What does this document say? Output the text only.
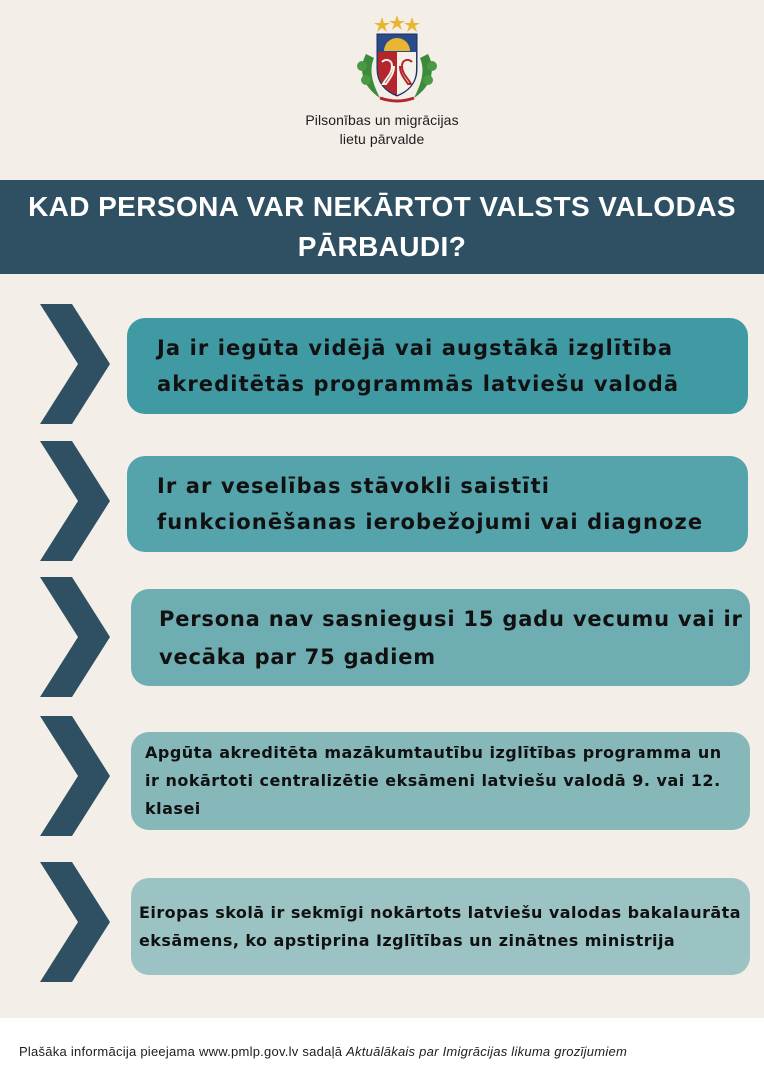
Pilsonības un migrācijas
lietu pārvalde
KAD PERSONA VAR NEKĀRTOT VALSTS VALODAS
PĀRBAUDI?
Ja ir iegūta vidējā vai augstākā izglītība
akreditētās programmās latviešu valodā
Ir ar veselības stāvokli saistīti
funkcionēšanas ierobežojumi vai diagnoze
Persona nav sasniegusi 15 gadu vecumu vai ir
vecāka par 75 gadiem
Apgūta akreditēta mazākumtautību izglītības programma un
ir nokārtoti centralizētie eksāmeni latviešu valodā 9. vai 12.
klasei
Eiropas skolā ir sekmīgi nokārtots latviešu valodas bakalaurāta
eksāmens, ko apstiprina Izglītības un zinātnes ministrija
Plašāka informācija pieejama www.pmlp.gov.lv sadaļā Aktuālākais par Imigrācijas likuma grozījumiem
